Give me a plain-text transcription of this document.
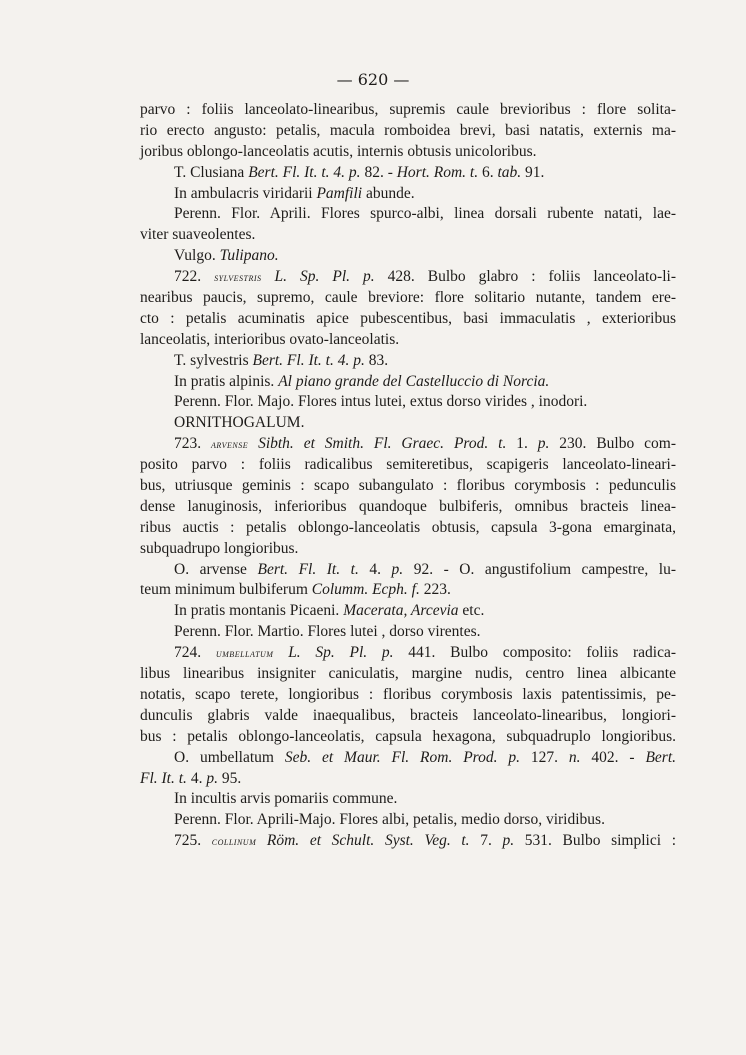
— 620 —
parvo : foliis lanceolato-linearibus, supremis caule brevioribus : flore solita-
rio erecto angusto: petalis, macula romboidea brevi, basi natatis, externis ma-
joribus oblongo-lanceolatis acutis, internis obtusis unicoloribus.
T. Clusiana Bert. Fl. It. t. 4. p. 82. - Hort. Rom. t. 6. tab. 91.
In ambulacris viridarii Pamfili abunde.
Perenn. Flor. Aprili. Flores spurco-albi, linea dorsali rubente natati, lae-
viter suaveolentes.
Vulgo. Tulipano.
722. sylvestris L. Sp. Pl. p. 428. Bulbo glabro : foliis lanceolato-li-
nearibus paucis, supremo, caule breviore: flore solitario nutante, tandem ere-
cto : petalis acuminatis apice pubescentibus, basi immaculatis , exterioribus
lanceolatis, interioribus ovato-lanceolatis.
T. sylvestris Bert. Fl. It. t. 4. p. 83.
In pratis alpinis. Al piano grande del Castelluccio di Norcia.
Perenn. Flor. Majo. Flores intus lutei, extus dorso virides , inodori.
ORNITHOGALUM.
723. arvense Sibth. et Smith. Fl. Graec. Prod. t. 1. p. 230. Bulbo com-
posito parvo : foliis radicalibus semiteretibus, scapigeris lanceolato-lineari-
bus, utriusque geminis : scapo subangulato : floribus corymbosis : pedunculis
dense lanuginosis, inferioribus quandoque bulbiferis, omnibus bracteis linea-
ribus auctis : petalis oblongo-lanceolatis obtusis, capsula 3-gona emarginata,
subquadrupo longioribus.
O. arvense Bert. Fl. It. t. 4. p. 92. - O. angustifolium campestre, lu-
teum minimum bulbiferum Columm. Ecph. f. 223.
In pratis montanis Picaeni. Macerata, Arcevia etc.
Perenn. Flor. Martio. Flores lutei , dorso virentes.
724. umbellatum L. Sp. Pl. p. 441. Bulbo composito: foliis radica-
libus linearibus insigniter caniculatis, margine nudis, centro linea albicante
notatis, scapo terete, longioribus : floribus corymbosis laxis patentissimis, pe-
dunculis glabris valde inaequalibus, bracteis lanceolato-linearibus, longiori-
bus : petalis oblongo-lanceolatis, capsula hexagona, subquadruplo longioribus.
O. umbellatum Seb. et Maur. Fl. Rom. Prod. p. 127. n. 402. - Bert.
Fl. It. t. 4. p. 95.
In incultis arvis pomariis commune.
Perenn. Flor. Aprili-Majo. Flores albi, petalis, medio dorso, viridibus.
725. collinum Röm. et Schult. Syst. Veg. t. 7. p. 531. Bulbo simplici :
